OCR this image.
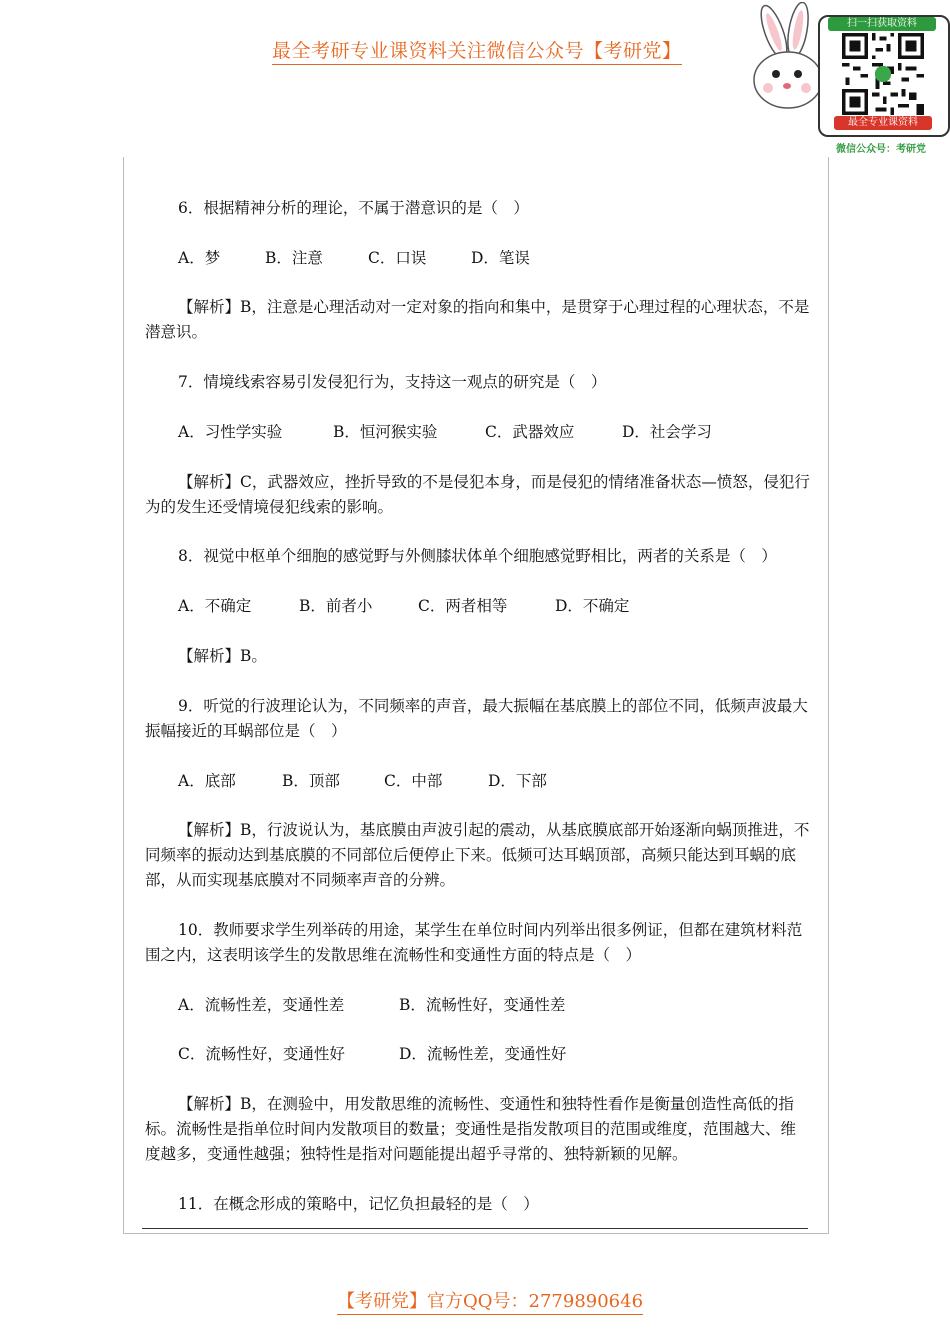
最全考研专业课资料关注微信公众号【考研党】
扫一扫获取资料
最全专业课资料
微信公众号：考研党
6．根据精神分析的理论，不属于潜意识的是（　）
A．梦	B．注意	C．口误	D．笔误
【解析】B，注意是心理活动对一定对象的指向和集中，是贯穿于心理过程的心理状态，不是潜意识。
7．情境线索容易引发侵犯行为，支持这一观点的研究是（　）
A．习性学实验	B．恒河猴实验	C．武器效应	D．社会学习
【解析】C，武器效应，挫折导致的不是侵犯本身，而是侵犯的情绪准备状态—愤怒，侵犯行为的发生还受情境侵犯线索的影响。
8．视觉中枢单个细胞的感觉野与外侧膝状体单个细胞感觉野相比，两者的关系是（　）
A．不确定	B．前者小	C．两者相等	D．不确定
【解析】B。
9．听觉的行波理论认为，不同频率的声音，最大振幅在基底膜上的部位不同，低频声波最大振幅接近的耳蜗部位是（　）
A．底部	B．顶部	C．中部	D．下部
【解析】B，行波说认为，基底膜由声波引起的震动，从基底膜底部开始逐渐向蜗顶推进，不同频率的振动达到基底膜的不同部位后便停止下来。低频可达耳蜗顶部，高频只能达到耳蜗的底部，从而实现基底膜对不同频率声音的分辨。
10．教师要求学生列举砖的用途，某学生在单位时间内列举出很多例证，但都在建筑材料范围之内，这表明该学生的发散思维在流畅性和变通性方面的特点是（　）
A．流畅性差，变通性差	B．流畅性好，变通性差
C．流畅性好，变通性好	D．流畅性差，变通性好
【解析】B，在测验中，用发散思维的流畅性、变通性和独特性看作是衡量创造性高低的指标。流畅性是指单位时间内发散项目的数量；变通性是指发散项目的范围或维度，范围越大、维度越多，变通性越强；独特性是指对问题能提出超乎寻常的、独特新颖的见解。
11．在概念形成的策略中，记忆负担最轻的是（　）
【考研党】官方QQ号：2779890646
